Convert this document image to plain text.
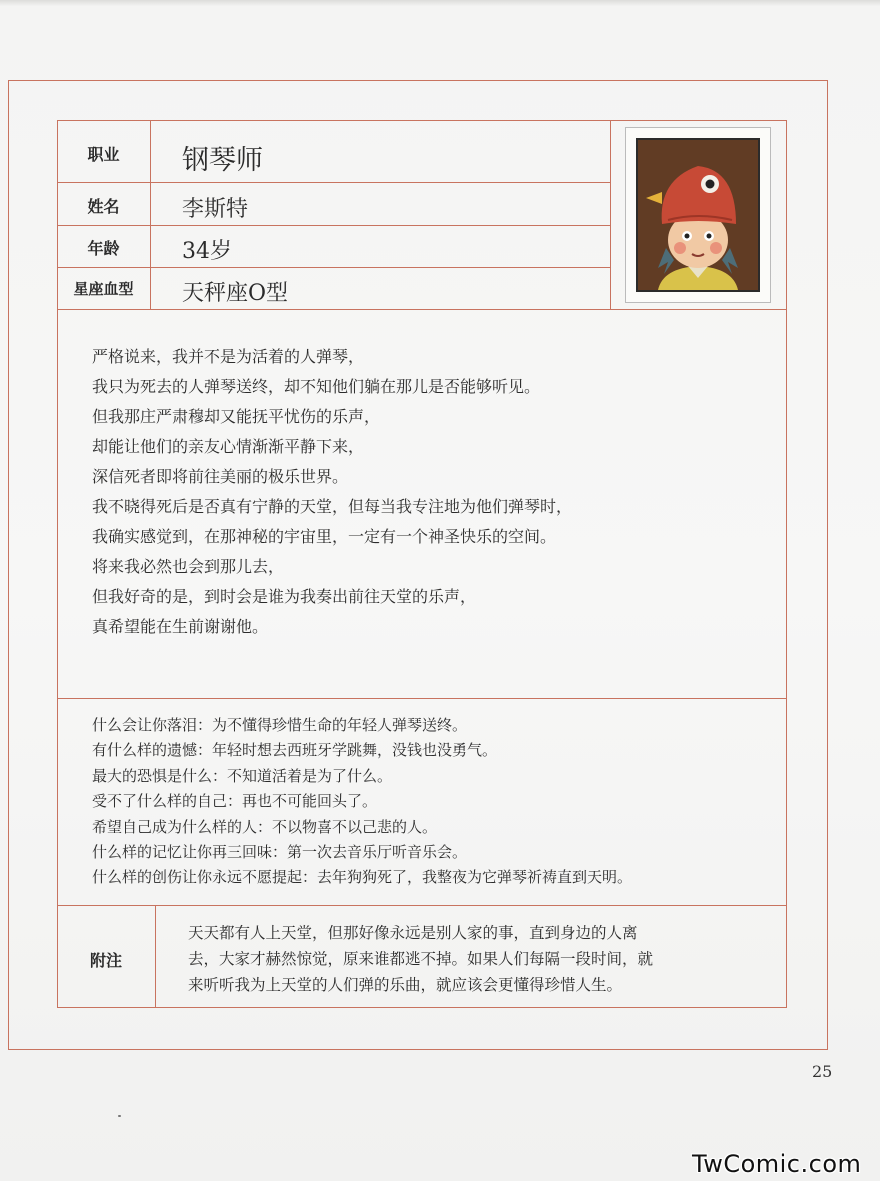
职业
姓名
年龄
星座血型
钢琴师
李斯特
34岁
天秤座O型
严格说来，我并不是为活着的人弹琴，
我只为死去的人弹琴送终，却不知他们躺在那儿是否能够听见。
但我那庄严肃穆却又能抚平忧伤的乐声，
却能让他们的亲友心情渐渐平静下来，
深信死者即将前往美丽的极乐世界。
我不晓得死后是否真有宁静的天堂，但每当我专注地为他们弹琴时，
我确实感觉到，在那神秘的宇宙里，一定有一个神圣快乐的空间。
将来我必然也会到那儿去，
但我好奇的是，到时会是谁为我奏出前往天堂的乐声，
真希望能在生前谢谢他。
什么会让你落泪：为不懂得珍惜生命的年轻人弹琴送终。
有什么样的遗憾：年轻时想去西班牙学跳舞，没钱也没勇气。
最大的恐惧是什么：不知道活着是为了什么。
受不了什么样的自己：再也不可能回头了。
希望自己成为什么样的人：不以物喜不以己悲的人。
什么样的记忆让你再三回味：第一次去音乐厅听音乐会。
什么样的创伤让你永远不愿提起：去年狗狗死了，我整夜为它弹琴祈祷直到天明。
附注
天天都有人上天堂，但那好像永远是别人家的事，直到身边的人离
去，大家才赫然惊觉，原来谁都逃不掉。如果人们每隔一段时间，就
来听听我为上天堂的人们弹的乐曲，就应该会更懂得珍惜人生。
25
TwComic.com
